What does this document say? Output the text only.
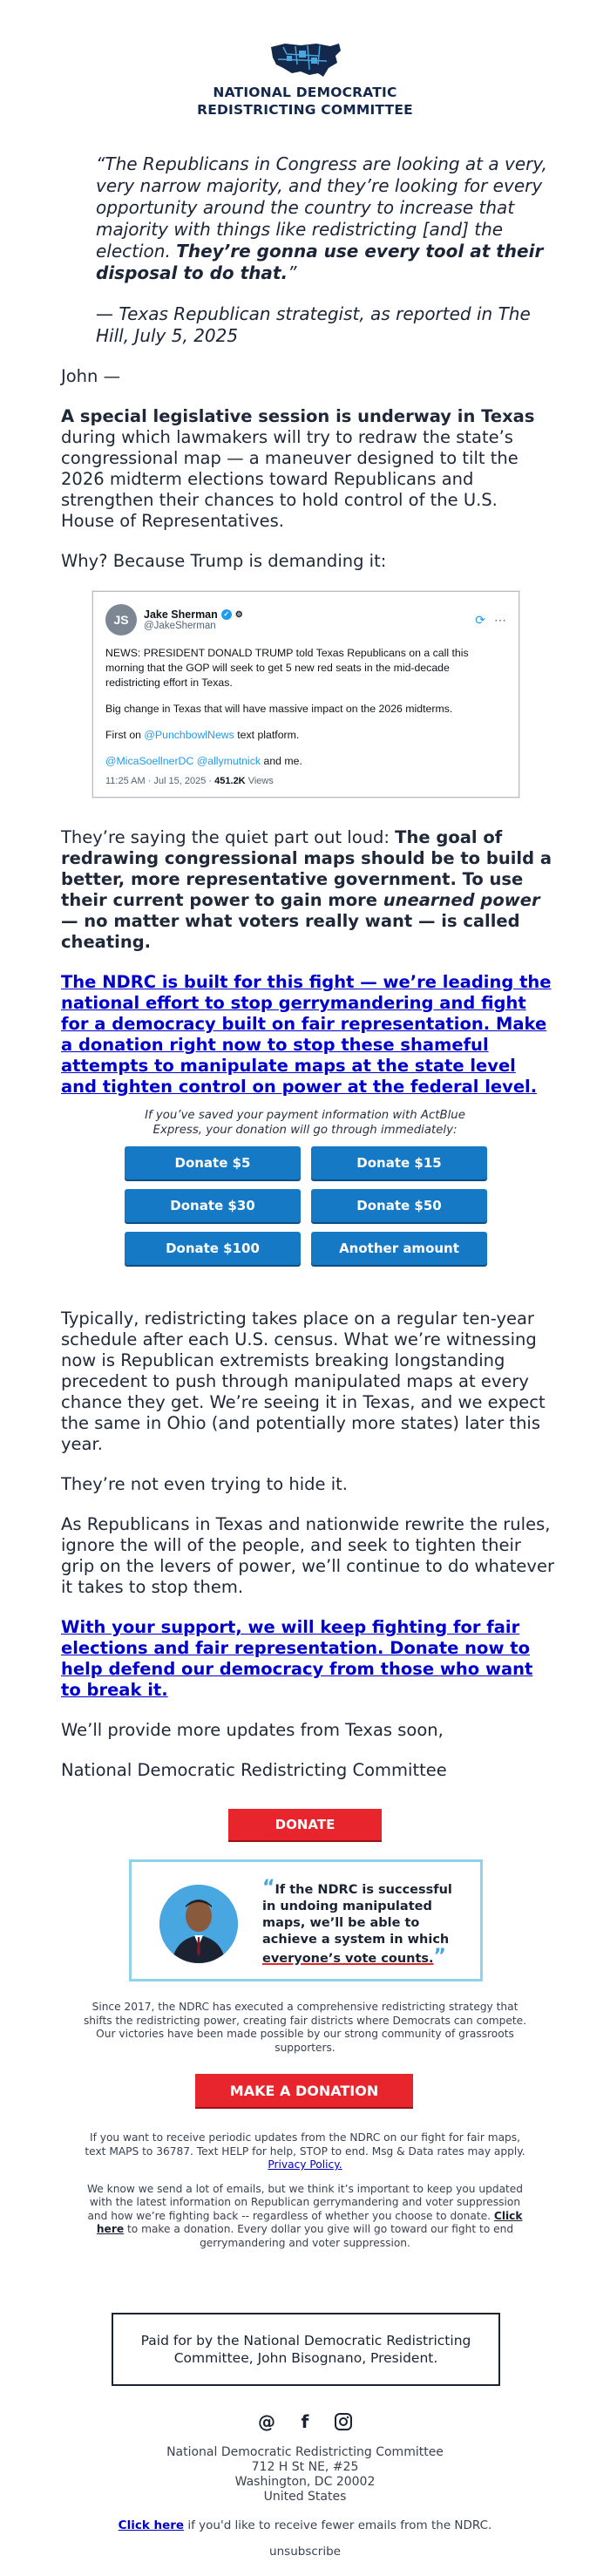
NATIONAL DEMOCRATIC
REDISTRICTING COMMITTEE
“The Republicans in Congress are looking at a very, very narrow majority, and they’re looking for every opportunity around the country to increase that majority with things like redistricting [and] the election. They’re gonna use every tool at their disposal to do that.”
— Texas Republican strategist, as reported in The Hill, July 5, 2025
John —
A special legislative session is underway in Texas during which lawmakers will try to redraw the state’s congressional map — a maneuver designed to tilt the 2026 midterm elections toward Republicans and strengthen their chances to hold control of the U.S. House of Representatives.
Why? Because Trump is demanding it:
JS	Jake Sherman ✓ ⚙
@JakeSherman	⟳ ⋯

NEWS: PRESIDENT DONALD TRUMP told Texas Republicans on a call this morning that the GOP will seek to get 5 new red seats in the mid-decade redistricting effort in Texas.

Big change in Texas that will have massive impact on the 2026 midterms.

First on @PunchbowlNews text platform.

@MicaSoellnerDC @allymutnick and me.

11:25 AM · Jul 15, 2025 · 451.2K Views
They’re saying the quiet part out loud: The goal of redrawing congressional maps should be to build a better, more representative government. To use their current power to gain more unearned power — no matter what voters really want — is called cheating.
The NDRC is built for this fight — we’re leading the national effort to stop gerrymandering and fight for a democracy built on fair representation. Make a donation right now to stop these shameful attempts to manipulate maps at the state level and tighten control on power at the federal level.
If you’ve saved your payment information with ActBlue Express, your donation will go through immediately:
Donate $5	Donate $15
Donate $30	Donate $50
Donate $100	Another amount
Typically, redistricting takes place on a regular ten-year schedule after each U.S. census. What we’re witnessing now is Republican extremists breaking longstanding precedent to push through manipulated maps at every chance they get. We’re seeing it in Texas, and we expect the same in Ohio (and potentially more states) later this year.
They’re not even trying to hide it.
As Republicans in Texas and nationwide rewrite the rules, ignore the will of the people, and seek to tighten their grip on the levers of power, we’ll continue to do whatever it takes to stop them.
With your support, we will keep fighting for fair elections and fair representation. Donate now to help defend our democracy from those who want to break it.
We’ll provide more updates from Texas soon,
National Democratic Redistricting Committee
DONATE
“If the NDRC is successful in undoing manipulated maps, we’ll be able to achieve a system in which everyone’s vote counts.”
Since 2017, the NDRC has executed a comprehensive redistricting strategy that shifts the redistricting power, creating fair districts where Democrats can compete. Our victories have been made possible by our strong community of grassroots supporters.
MAKE A DONATION
If you want to receive periodic updates from the NDRC on our fight for fair maps, text MAPS to 36787. Text HELP for help, STOP to end. Msg & Data rates may apply. Privacy Policy.
We know we send a lot of emails, but we think it’s important to keep you updated with the latest information on Republican gerrymandering and voter suppression and how we’re fighting back -- regardless of whether you choose to donate. Click here to make a donation. Every dollar you give will go toward our fight to end gerrymandering and voter suppression.
Paid for by the National Democratic Redistricting Committee, John Bisognano, President.
@	f
National Democratic Redistricting Committee
712 H St NE, #25
Washington, DC 20002
United States
Click here if you'd like to receive fewer emails from the NDRC.
unsubscribe
